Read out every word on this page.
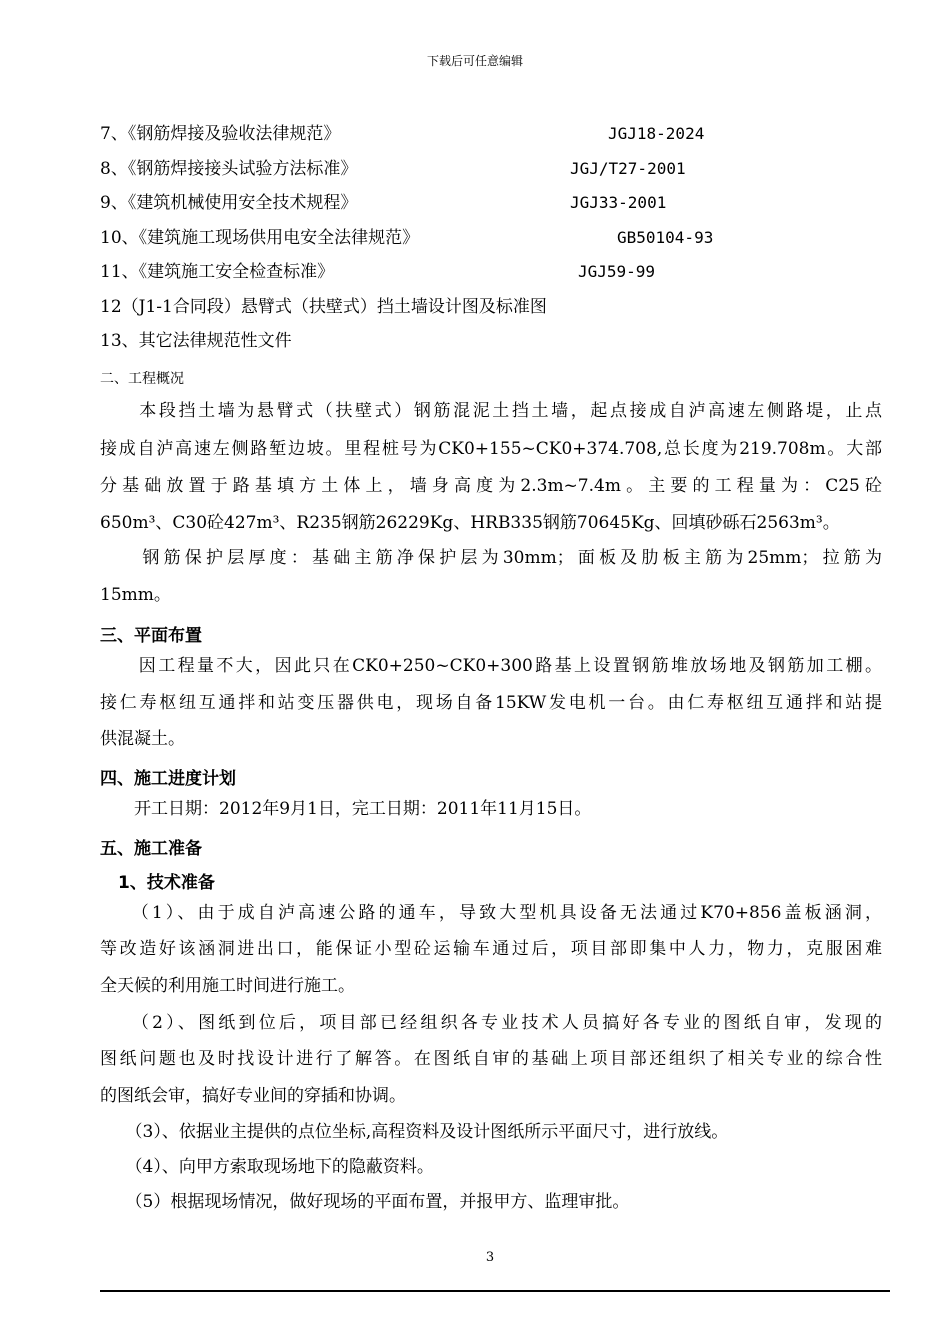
下载后可任意编辑
7、《钢筋焊接及验收法律规范》	JGJ18-2024
8、《钢筋焊接接头试验方法标准》	JGJ/T27-2001
9、《建筑机械使用安全技术规程》	JGJ33-2001
10、《建筑施工现场供用电安全法律规范》	GB50104-93
11、《建筑施工安全检查标准》	JGJ59-99
12（J1-1合同段）悬臂式（扶壁式）挡土墙设计图及标准图
13、其它法律规范性文件
二、工程概况
　　本段挡土墙为悬臂式（扶壁式）钢筋混泥土挡土墙，起点接成自泸高速左侧路堤，止点
接成自泸高速左侧路堑边坡。里程桩号为CK0+155~CK0+374.708,总长度为219.708m。大部
分基础放置于路基填方土体上，墙身高度为2.3m~7.4m。主要的工程量为：C25砼
650m³、C30砼427m³、R235钢筋26229Kg、HRB335钢筋70645Kg、回填砂砾石2563m³。
　　钢筋保护层厚度：基础主筋净保护层为30mm；面板及肋板主筋为25mm；拉筋为
15mm。
三、平面布置
　　因工程量不大，因此只在CK0+250~CK0+300路基上设置钢筋堆放场地及钢筋加工棚。
接仁寿枢纽互通拌和站变压器供电，现场自备15KW发电机一台。由仁寿枢纽互通拌和站提
供混凝土。
四、施工进度计划
　　开工日期：2012年9月1日，完工日期：2011年11月15日。
五、施工准备
1、技术准备
　　（1）、由于成自泸高速公路的通车，导致大型机具设备无法通过K70+856盖板涵洞，
等改造好该涵洞进出口，能保证小型砼运输车通过后，项目部即集中人力，物力，克服困难
全天候的利用施工时间进行施工。
　　（2）、图纸到位后，项目部已经组织各专业技术人员搞好各专业的图纸自审，发现的
图纸问题也及时找设计进行了解答。在图纸自审的基础上项目部还组织了相关专业的综合性
的图纸会审，搞好专业间的穿插和协调。
　　（3）、依据业主提供的点位坐标,高程资料及设计图纸所示平面尺寸，进行放线。
　　（4）、向甲方索取现场地下的隐蔽资料。
　　（5）根据现场情况，做好现场的平面布置，并报甲方、监理审批。
3
